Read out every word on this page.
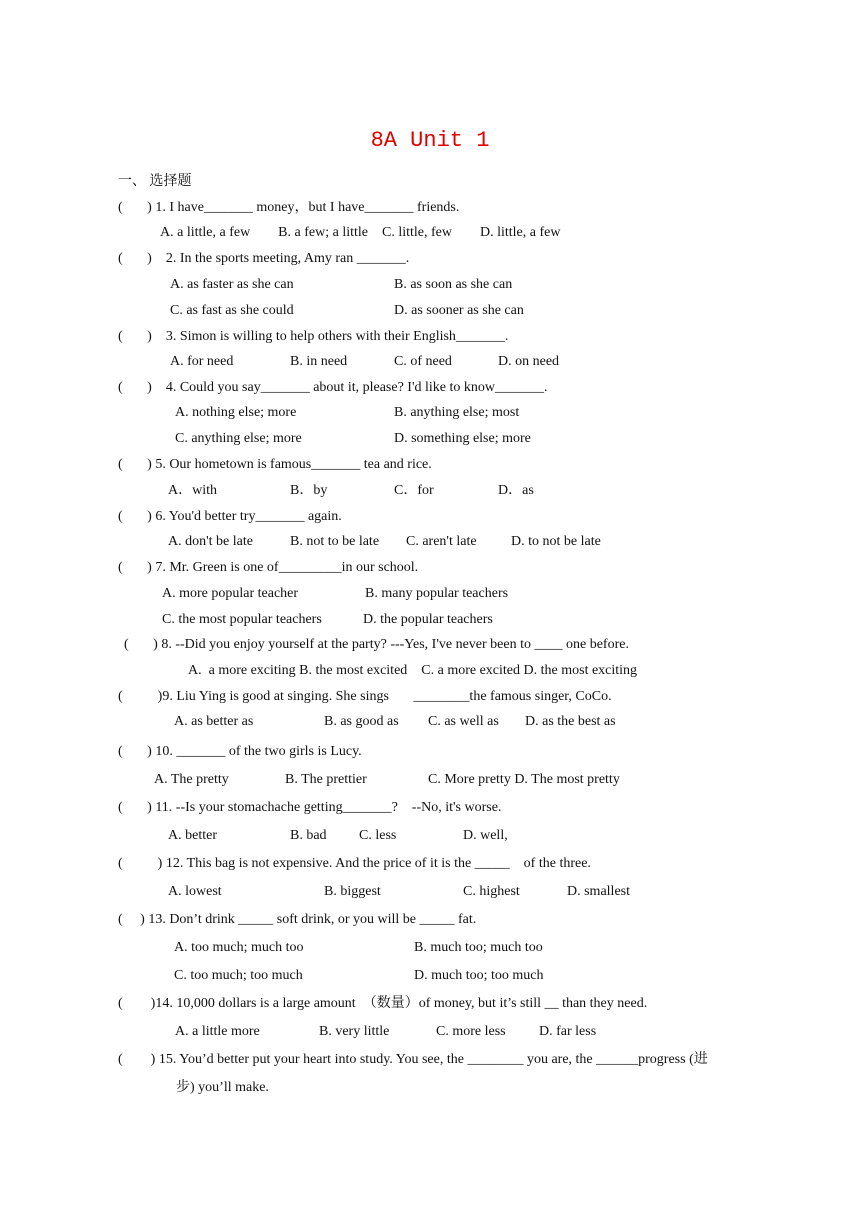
8A Unit 1
一、 选择题
(       ) 1. I have_______ money，but I have_______ friends.
A. a little, a few        B. a few; a little    C. little, few        D. little, a few
(       )    2. In the sports meeting, Amy ran _______.
A. as faster as she can	B. as soon as she can
C. as fast as she could	D. as sooner as she can
(       )    3. Simon is willing to help others with their English_______.
A. for need	B. in need	C. of need	D. on need
(       )    4. Could you say_______ about it, please? I'd like to know_______.
A. nothing else; more	B. anything else; most
C. anything else; more	D. something else; more
(       ) 5. Our hometown is famous_______ tea and rice.
A．with	B．by	C．for	D．as
(       ) 6. You'd better try_______ again.
A. don't be late	B. not to be late C. aren't late D. to not be late
(       ) 7. Mr. Green is one of_________in our school.
A. more popular teacher	B. many popular teachers
C. the most popular teachers	D. the popular teachers
(       ) 8. --Did you enjoy yourself at the party? ---Yes, I've never been to ____ one before.
A.  a more exciting B. the most excited    C. a more excited D. the most exciting
(          )9. Liu Ying is good at singing. She sings       ________the famous singer, CoCo.
A. as better as	B. as good as C. as well as D. as the best as
(       ) 10. _______ of the two girls is Lucy.
A. The pretty	B. The prettier	C. More pretty D. The most pretty
(       ) 11. --Is your stomachache getting_______?    --No, it's worse.
A. better	B. bad C. less	D. well,
(          ) 12. This bag is not expensive. And the price of it is the _____    of the three.
A. lowest	B. biggest	C. highest	D. smallest
(     ) 13. Don’t drink _____ soft drink, or you will be _____ fat.
A. too much; much too	B. much too; much too
C. too much; too much	D. much too; too much
(        )14. 10,000 dollars is a large amount  （数量）of money, but it’s still __ than they need.
A. a little more	B. very little	C. more less D. far less
(        ) 15. You’d better put your heart into study. You see, the ________ you are, the ______progress (进
步) you’ll make.
